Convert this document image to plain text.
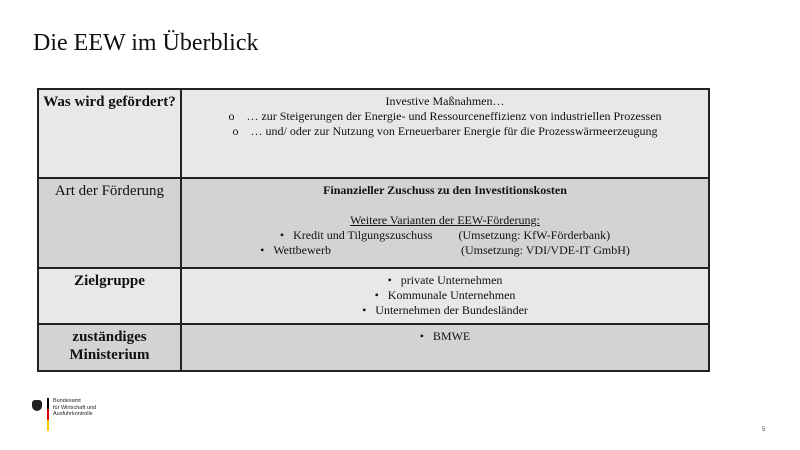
Die EEW im Überblick
Was wird gefördert?	Investive Maßnahmen…
o … zur Steigerungen der Energie- und Ressourceneffizienz von industriellen Prozessen
o … und/ oder zur Nutzung von Erneuerbarer Energie für die Prozesswärmeerzeugung

Art der Förderung	Finanzieller Zuschuss zu den Investitionskosten

Weitere Varianten der EEW-Förderung:
•   Kredit und Tilgungszuschuss (Umsetzung: KfW-Förderbank)
•   Wettbewerb (Umsetzung: VDI/VDE-IT GmbH)

Zielgruppe	•   private Unternehmen
•   Kommunale Unternehmen
•   Unternehmen der Bundesländer

zuständiges Ministerium	•   BMWE
Bundesamt
für Wirtschaft und
Ausfuhrkontrolle
5
